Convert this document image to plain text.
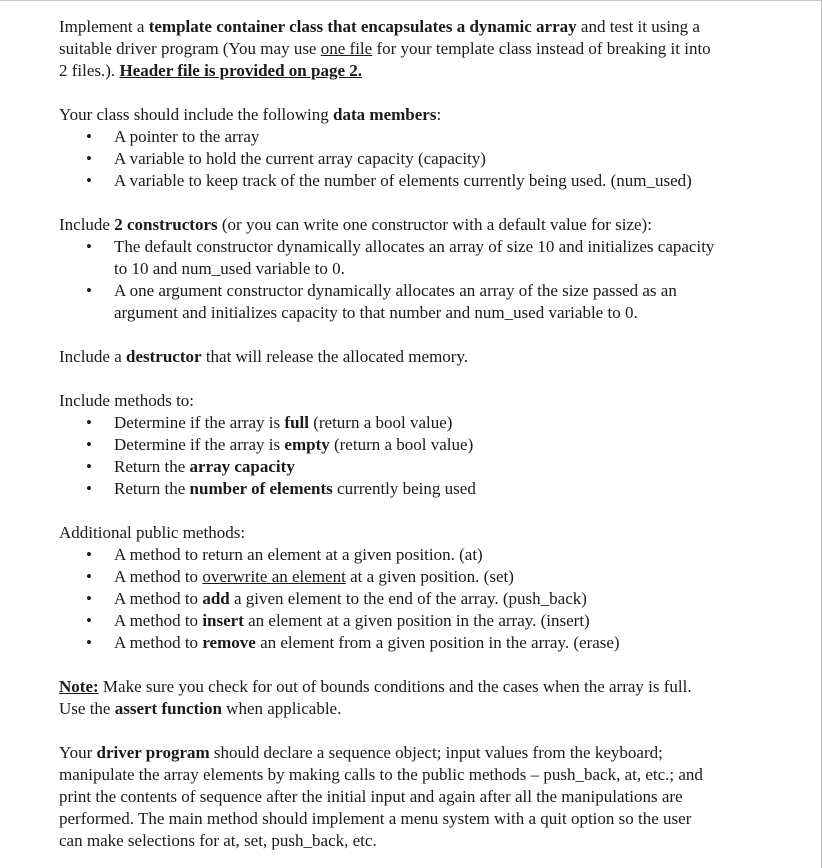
Implement a template container class that encapsulates a dynamic array and test it using a suitable driver program (You may use one file for your template class instead of breaking it into 2 files.). Header file is provided on page 2.

Your class should include the following data members:

• A pointer to the array
• A variable to hold the current array capacity (capacity)
• A variable to keep track of the number of elements currently being used. (num_used)

Include 2 constructors (or you can write one constructor with a default value for size):

• The default constructor dynamically allocates an array of size 10 and initializes capacity to 10 and num_used variable to 0.
• A one argument constructor dynamically allocates an array of the size passed as an argument and initializes capacity to that number and num_used variable to 0.

Include a destructor that will release the allocated memory.

Include methods to:

• Determine if the array is full (return a bool value)
• Determine if the array is empty (return a bool value)
• Return the array capacity
• Return the number of elements currently being used

Additional public methods:

• A method to return an element at a given position. (at)
• A method to overwrite an element at a given position. (set)
• A method to add a given element to the end of the array. (push_back)
• A method to insert an element at a given position in the array. (insert)
• A method to remove an element from a given position in the array. (erase)

Note: Make sure you check for out of bounds conditions and the cases when the array is full. Use the assert function when applicable.

Your driver program should declare a sequence object; input values from the keyboard; manipulate the array elements by making calls to the public methods – push_back, at, etc.; and print the contents of sequence after the initial input and again after all the manipulations are performed. The main method should implement a menu system with a quit option so the user can make selections for at, set, push_back, etc.
